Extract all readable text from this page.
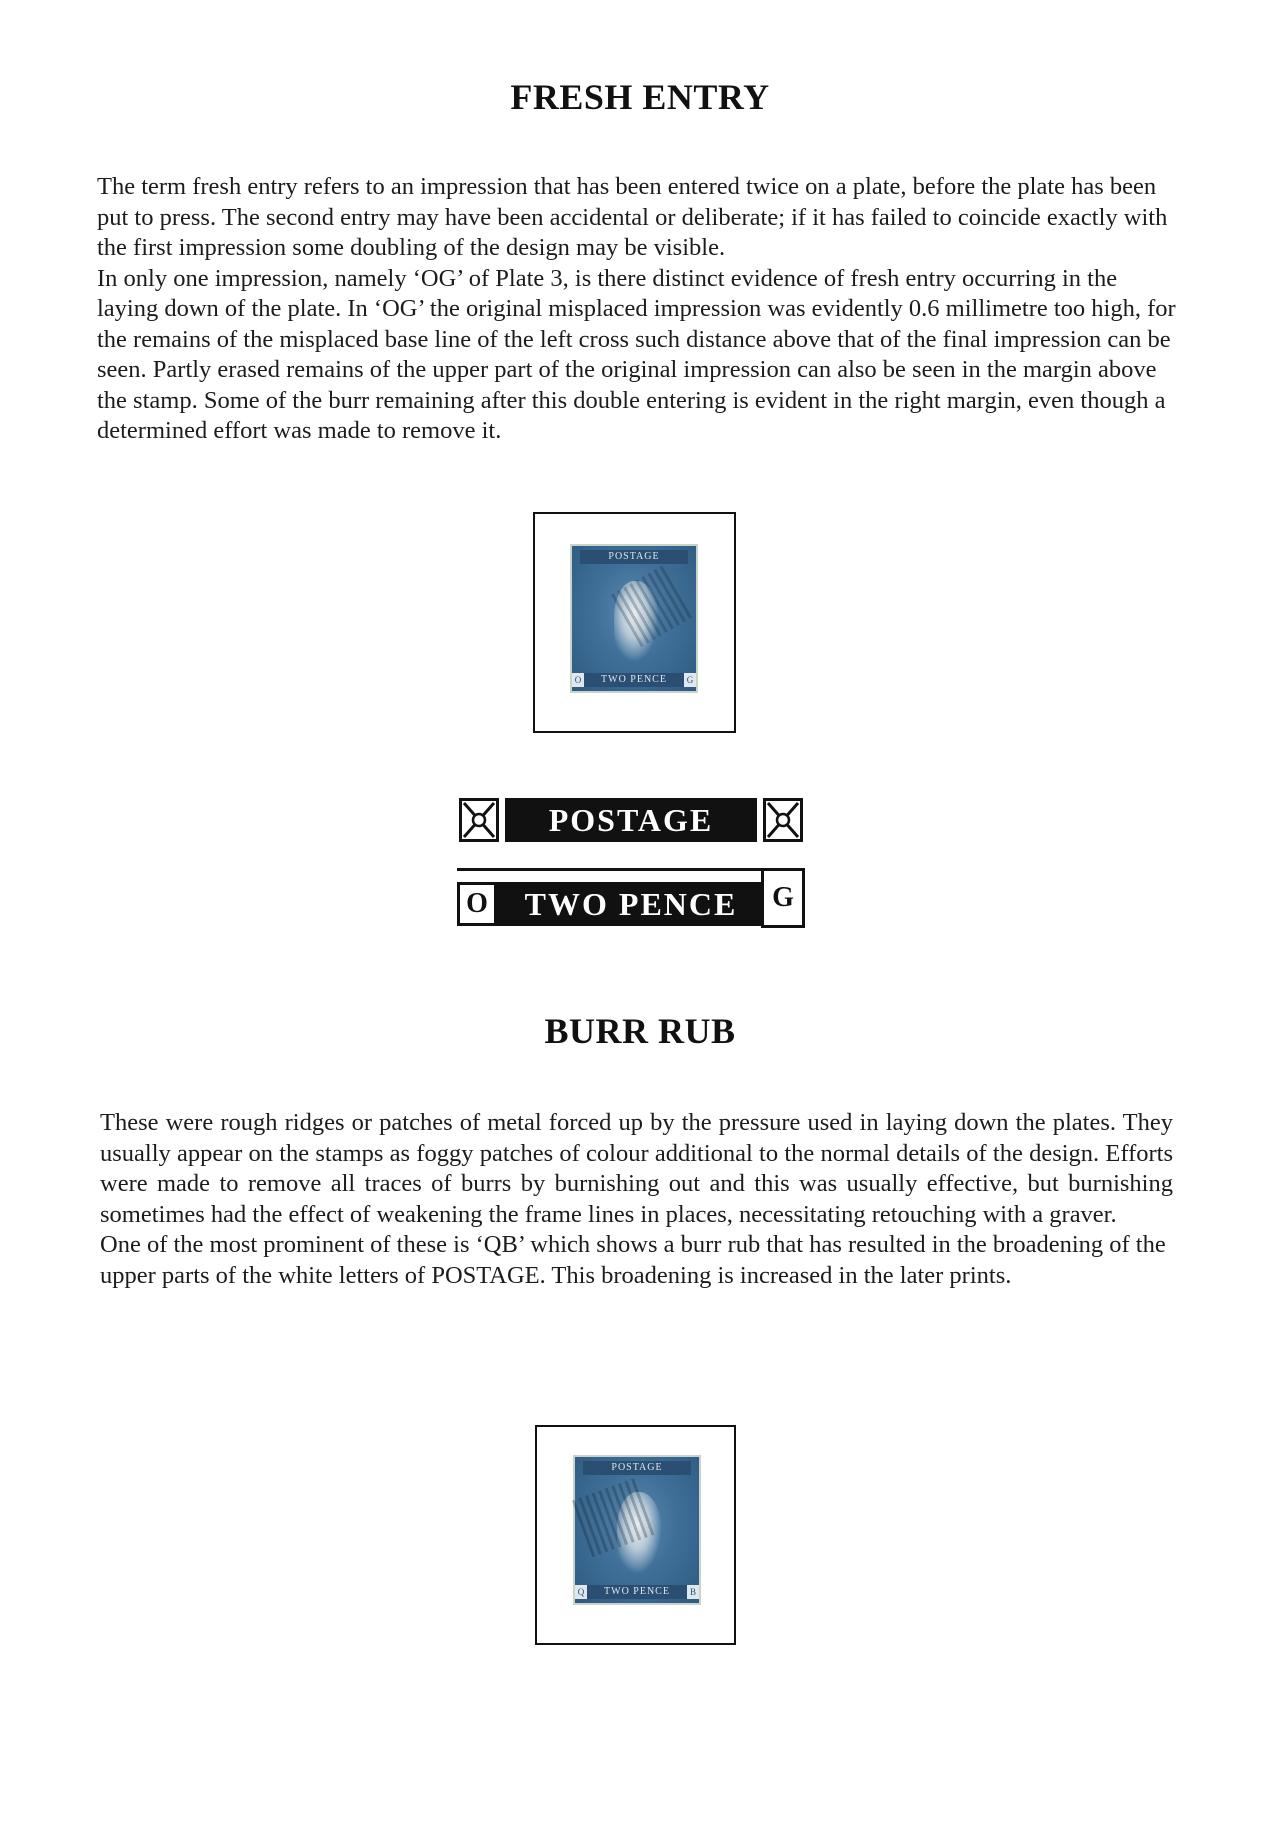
FRESH ENTRY

The term fresh entry refers to an impression that has been entered twice on a plate, before the plate has been put to press. The second entry may have been accidental or deliberate; if it has failed to coincide exactly with the first impression some doubling of the design may be visible.

In only one impression, namely ‘OG’ of Plate 3, is there distinct evidence of fresh entry occurring in the laying down of the plate. In ‘OG’ the original misplaced impression was evidently 0.6 millimetre too high, for the remains of the misplaced base line of the left cross such distance above that of the final impression can be seen. Partly erased remains of the upper part of the original impression can also be seen in the margin above the stamp. Some of the burr remaining after this double entering is evident in the right margin, even though a determined effort was made to remove it.

POSTAGE
TWO PENCE
O	G
POSTAGE
O	TWO PENCE	G
BURR RUB

These were rough ridges or patches of metal forced up by the pressure used in laying down the plates. They usually appear on the stamps as foggy patches of colour additional to the normal details of the design. Efforts were made to remove all traces of burrs by burnishing out and this was usually effective, but burnishing sometimes had the effect of weakening the frame lines in places, necessitating retouching with a graver.

One of the most prominent of these is ‘QB’ which shows a burr rub that has resulted in the broadening of the upper parts of the white letters of POSTAGE. This broadening is increased in the later prints.

POSTAGE
TWO PENCE
Q	B
